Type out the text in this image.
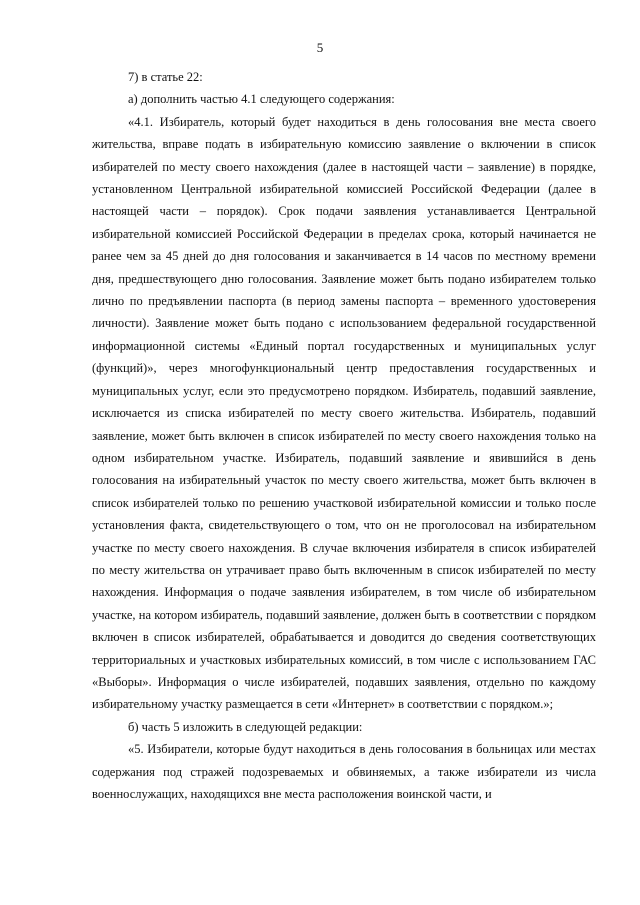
5

7) в статье 22:

а) дополнить частью 4.1 следующего содержания:

«4.1. Избиратель, который будет находиться в день голосования вне места своего жительства, вправе подать в избирательную комиссию заявление о включении в список избирателей по месту своего нахождения (далее в настоящей части – заявление) в порядке, установленном Центральной избирательной комиссией Российской Федерации (далее в настоящей части – порядок). Срок подачи заявления устанавливается Центральной избирательной комиссией Российской Федерации в пределах срока, который начинается не ранее чем за 45 дней до дня голосования и заканчивается в 14 часов по местному времени дня, предшествующего дню голосования. Заявление может быть подано избирателем только лично по предъявлении паспорта (в период замены паспорта – временного удостоверения личности). Заявление может быть подано с использованием федеральной государственной информационной системы «Единый портал государственных и муниципальных услуг (функций)», через многофункциональный центр предоставления государственных и муниципальных услуг, если это предусмотрено порядком. Избиратель, подавший заявление, исключается из списка избирателей по месту своего жительства. Избиратель, подавший заявление, может быть включен в список избирателей по месту своего нахождения только на одном избирательном участке. Избиратель, подавший заявление и явившийся в день голосования на избирательный участок по месту своего жительства, может быть включен в список избирателей только по решению участковой избирательной комиссии и только после установления факта, свидетельствующего о том, что он не проголосовал на избирательном участке по месту своего нахождения. В случае включения избирателя в список избирателей по месту жительства он утрачивает право быть включенным в список избирателей по месту нахождения. Информация о подаче заявления избирателем, в том числе об избирательном участке, на котором избиратель, подавший заявление, должен быть в соответствии с порядком включен в список избирателей, обрабатывается и доводится до сведения соответствующих территориальных и участковых избирательных комиссий, в том числе с использованием ГАС «Выборы». Информация о числе избирателей, подавших заявления, отдельно по каждому избирательному участку размещается в сети «Интернет» в соответствии с порядком.»;

б) часть 5 изложить в следующей редакции:

«5. Избиратели, которые будут находиться в день голосования в больницах или местах содержания под стражей подозреваемых и обвиняемых, а также избиратели из числа военнослужащих, находящихся вне места расположения воинской части, и
